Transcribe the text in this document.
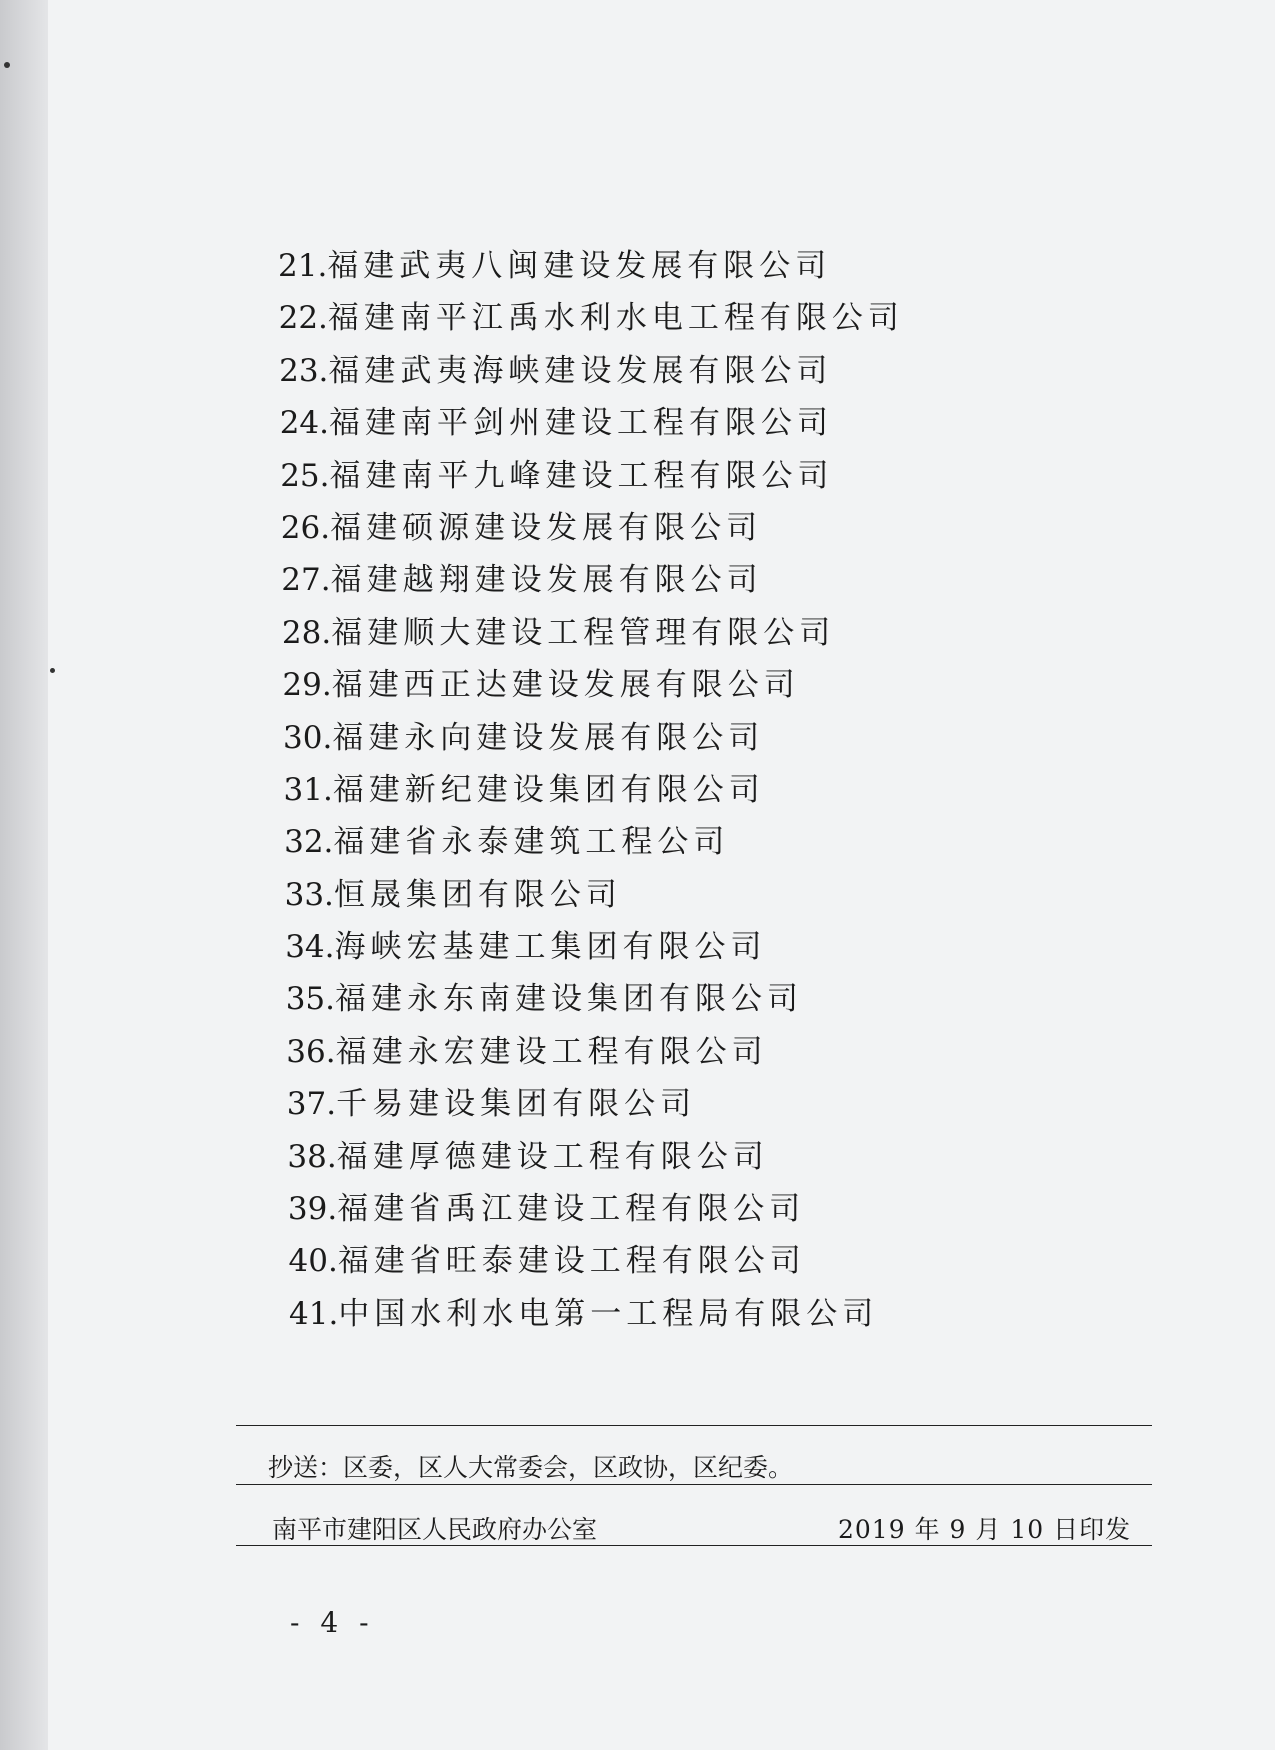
21.福建武夷八闽建设发展有限公司
22.福建南平江禹水利水电工程有限公司
23.福建武夷海峡建设发展有限公司
24.福建南平剑州建设工程有限公司
25.福建南平九峰建设工程有限公司
26.福建硕源建设发展有限公司
27.福建越翔建设发展有限公司
28.福建顺大建设工程管理有限公司
29.福建西正达建设发展有限公司
30.福建永向建设发展有限公司
31.福建新纪建设集团有限公司
32.福建省永泰建筑工程公司
33.恒晟集团有限公司
34.海峡宏基建工集团有限公司
35.福建永东南建设集团有限公司
36.福建永宏建设工程有限公司
37.千易建设集团有限公司
38.福建厚德建设工程有限公司
39.福建省禹江建设工程有限公司
40.福建省旺泰建设工程有限公司
41.中国水利水电第一工程局有限公司
抄送：区委，区人大常委会，区政协，区纪委。
南平市建阳区人民政府办公室	2019 年 9 月 10 日印发
- 4 -
